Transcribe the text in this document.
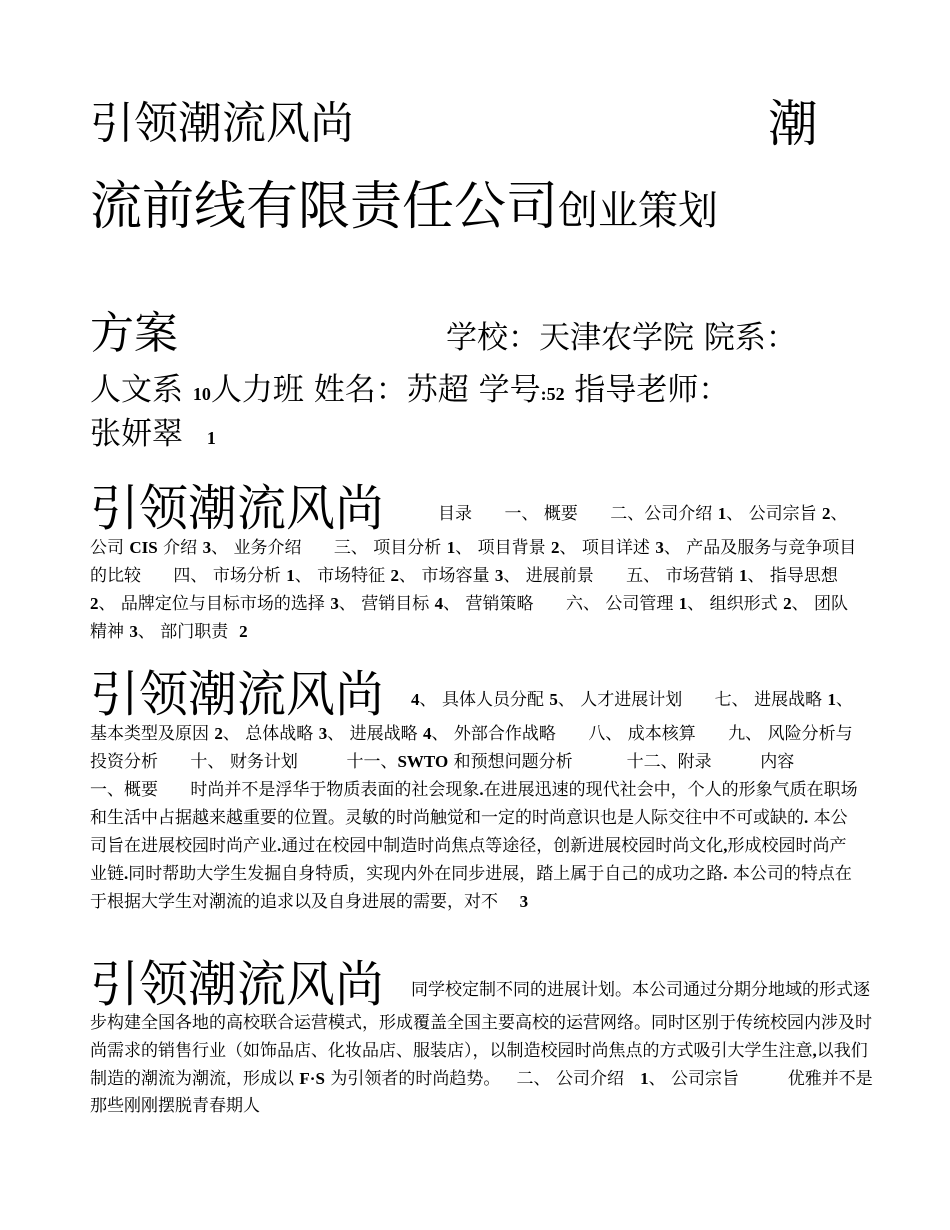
引领潮流风尚	潮
流前线有限责任公司创业策划
方案	学校：天津农学院 院系：
人文系 10人力班 姓名：苏超 学号:52 指导老师：
张妍翠 1
引领潮流风尚          目录      一、 概要      二、公司介绍 1、 公司宗旨 2、 公司 CIS 介绍 3、 业务介绍      三、 项目分析 1、 项目背景 2、 项目详述 3、 产品及服务与竞争项目的比较      四、 市场分析 1、 市场特征 2、 市场容量 3、 进展前景      五、 市场营销 1、 指导思想 2、 品牌定位与目标市场的选择 3、 营销目标 4、 营销策略      六、 公司管理 1、 组织形式 2、 团队精神 3、 部门职责  2
引领潮流风尚 4、 具体人员分配 5、 人才进展计划      七、 进展战略 1、 基本类型及原因 2、 总体战略 3、 进展战略 4、 外部合作战略      八、 成本核算      九、 风险分析与投资分析      十、 财务计划         十一、SWTO 和预想问题分析          十二、附录         内容      一、概要      时尚并不是浮华于物质表面的社会现象.在进展迅速的现代社会中，个人的形象气质在职场和生活中占据越来越重要的位置。灵敏的时尚触觉和一定的时尚意识也是人际交往中不可或缺的. 本公司旨在进展校园时尚产业.通过在校园中制造时尚焦点等途径，创新进展校园时尚文化,形成校园时尚产业链.同时帮助大学生发掘自身特质，实现内外在同步进展，踏上属于自己的成功之路. 本公司的特点在于根据大学生对潮流的追求以及自身进展的需要，对不    3
引领潮流风尚     同学校定制不同的进展计划。本公司通过分期分地域的形式逐步构建全国各地的高校联合运营模式，形成覆盖全国主要高校的运营网络。同时区别于传统校园内涉及时尚需求的销售行业（如饰品店、化妆品店、服装店），以制造校园时尚焦点的方式吸引大学生注意,以我们制造的潮流为潮流，形成以 F·S 为引领者的时尚趋势。   二、 公司介绍   1、 公司宗旨         优雅并不是那些刚刚摆脱青春期人
